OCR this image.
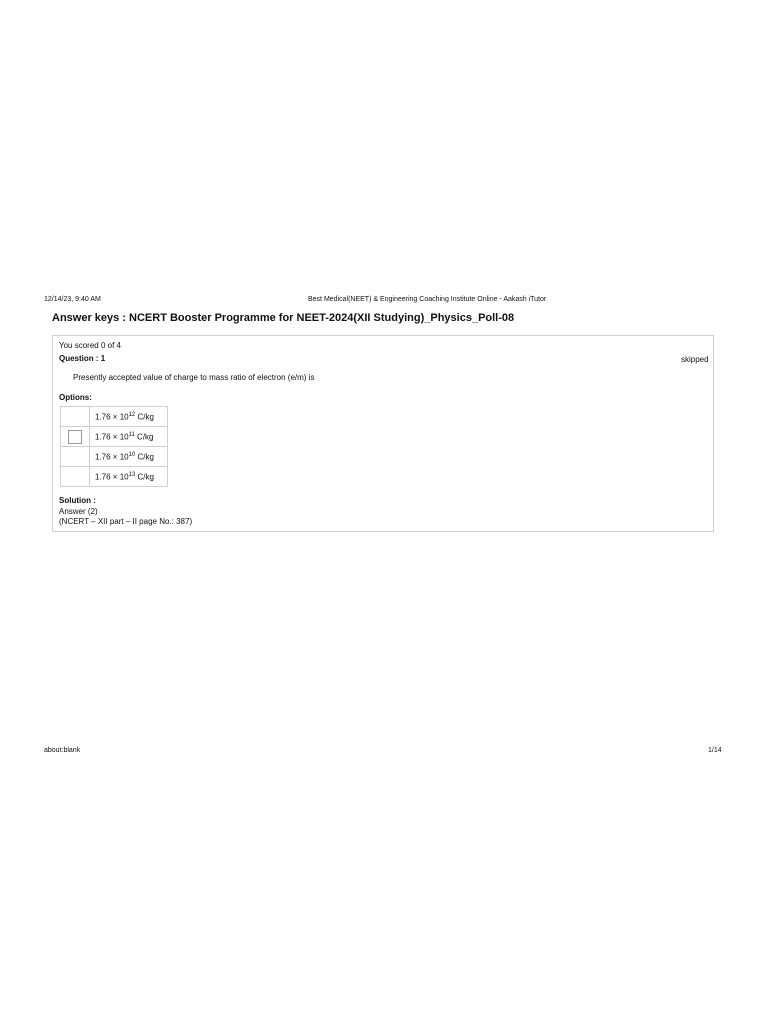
12/14/23, 9:40 AM	Best Medical(NEET) & Engineering Coaching Institute Online - Aakash iTutor
Answer keys : NCERT Booster Programme for NEET-2024(XII Studying)_Physics_Poll-08
You scored 0 of 4
Question : 1	skipped
Presently accepted value of charge to mass ratio of electron (e/m) is
Options:
	$1.76 \times 10^{12}$ C/kg
	$1.76 \times 10^{11}$ C/kg
	$1.76 \times 10^{10}$ C/kg
	$1.76 \times 10^{13}$ C/kg
Solution :
Answer (2)
(NCERT – XII part – II page No.: 387)
about:blank	1/14
